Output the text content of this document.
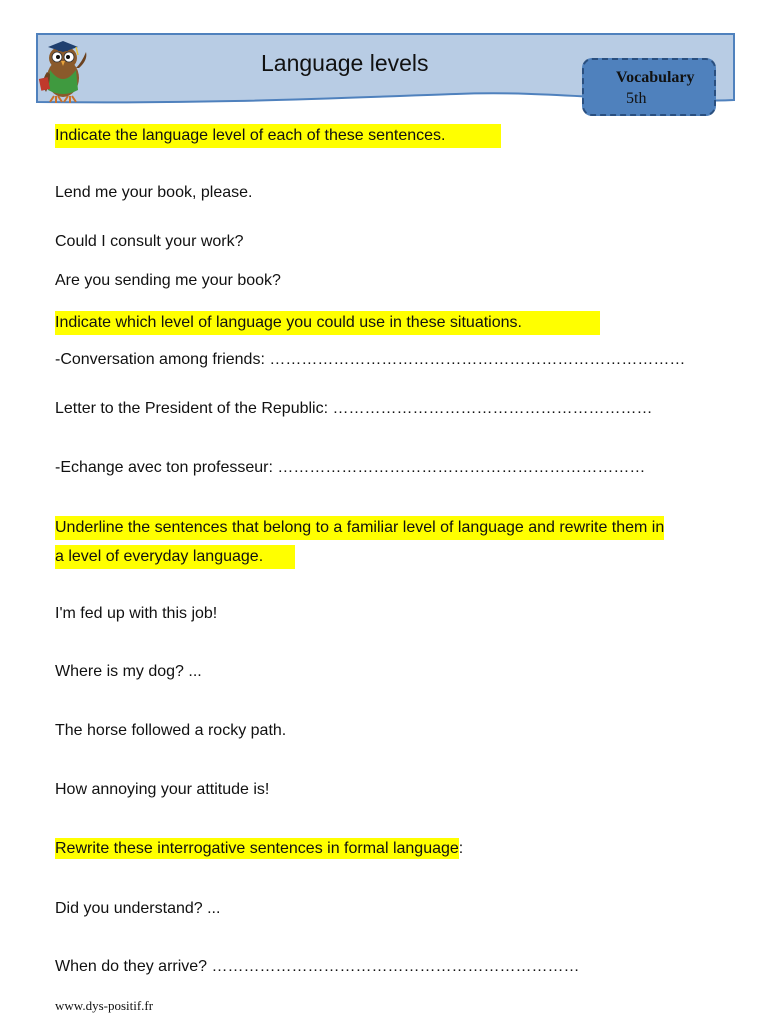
Language levels
Vocabulary
5th
Indicate the language level of each of these sentences.
Lend me your book, please.
Could I consult your work?
Are you sending me your book?
Indicate which level of language you could use in these situations.
-Conversation among friends: ……………………………………………………………………
Letter to the President of the Republic: ……………………………………………………
-Echange avec ton professeur: ……………………………………………………………
Underline the sentences that belong to a familiar level of language and rewrite them in
a level of everyday language.
I'm fed up with this job!
Where is my dog? ...
The horse followed a rocky path.
How annoying your attitude is!
Rewrite these interrogative sentences in formal language:
Did you understand? ...
When do they arrive? ……………………………………………………………
www.dys-positif.fr
